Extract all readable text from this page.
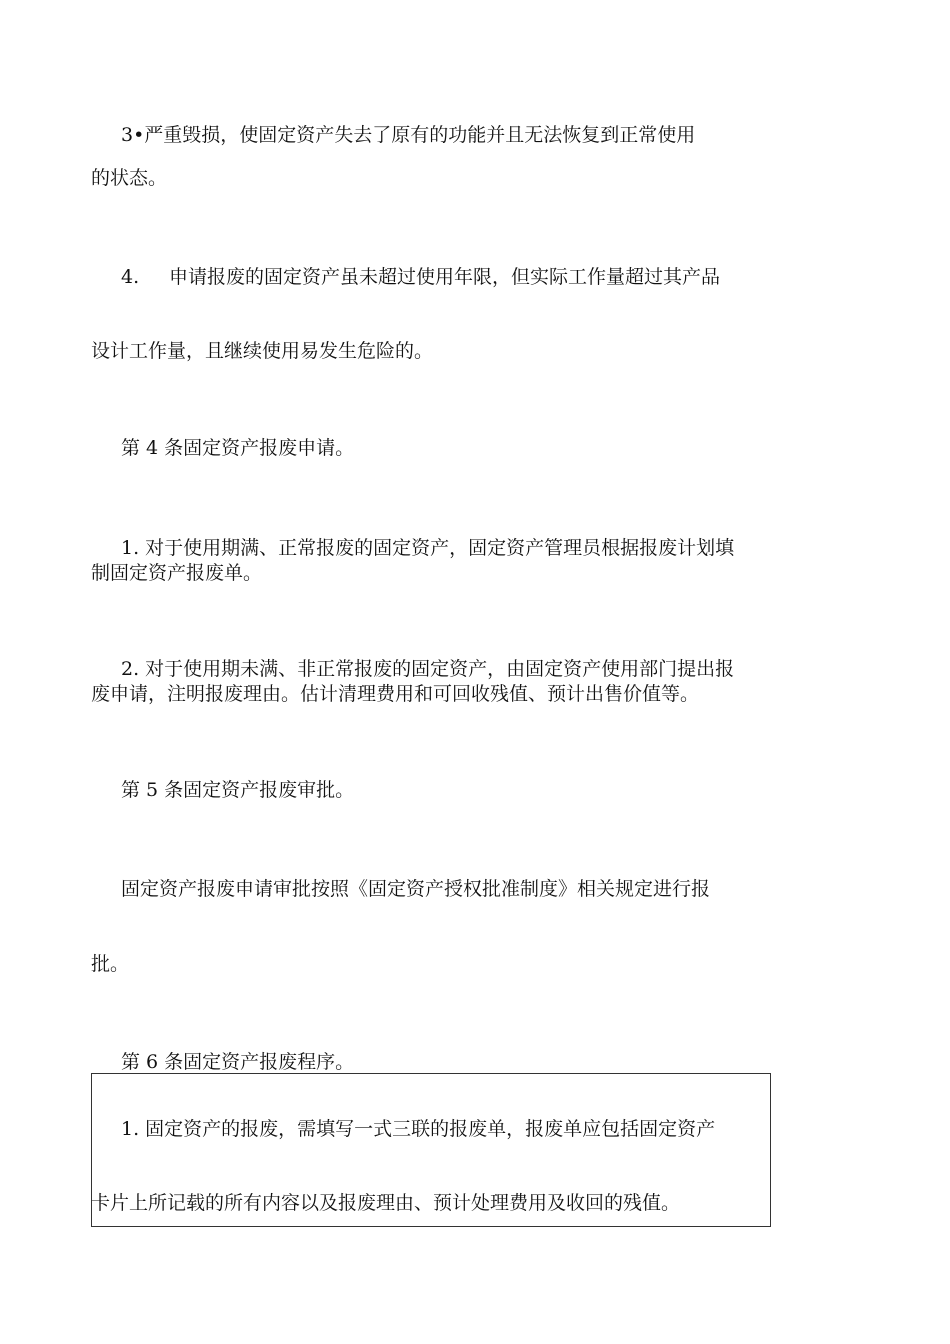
3•严重毁损，使固定资产失去了原有的功能并且无法恢复到正常使用

的状态。

4. 申请报废的固定资产虽未超过使用年限，但实际工作量超过其产品

设计工作量，且继续使用易发生危险的。

第 4 条固定资产报废申请。

1. 对于使用期满、正常报废的固定资产，固定资产管理员根据报废计划填

制固定资产报废单。

2. 对于使用期未满、非正常报废的固定资产，由固定资产使用部门提出报

废申请，注明报废理由。估计清理费用和可回收残值、预计出售价值等。

第 5 条固定资产报废审批。

固定资产报废申请审批按照《固定资产授权批准制度》相关规定进行报

批。

第 6 条固定资产报废程序。

1. 固定资产的报废，需填写一式三联的报废单，报废单应包括固定资产

卡片上所记载的所有内容以及报废理由、预计处理费用及收回的残值。
